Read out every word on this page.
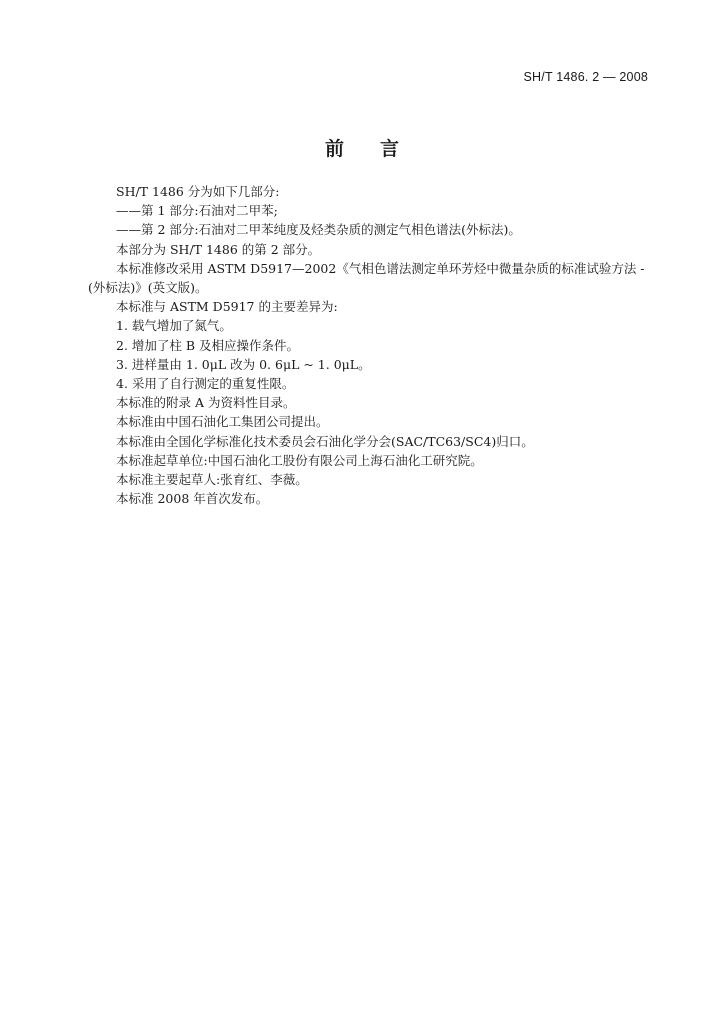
SH/T 1486. 2 — 2008
前言
SH/T 1486 分为如下几部分:
——第 1 部分:石油对二甲苯;
——第 2 部分:石油对二甲苯纯度及烃类杂质的测定气相色谱法(外标法)。
本部分为 SH/T 1486 的第 2 部分。
本标准修改采用 ASTM D5917—2002《气相色谱法测定单环芳烃中微量杂质的标准试验方法 -
(外标法)》(英文版)。
本标准与 ASTM D5917 的主要差异为:
1. 载气增加了氮气。
2. 增加了柱 B 及相应操作条件。
3. 进样量由 1. 0μL 改为 0. 6μL ~ 1. 0μL。
4. 采用了自行测定的重复性限。
本标准的附录 A 为资料性目录。
本标准由中国石油化工集团公司提出。
本标准由全国化学标准化技术委员会石油化学分会(SAC/TC63/SC4)归口。
本标准起草单位:中国石油化工股份有限公司上海石油化工研究院。
本标准主要起草人:张育红、李薇。
本标准 2008 年首次发布。
